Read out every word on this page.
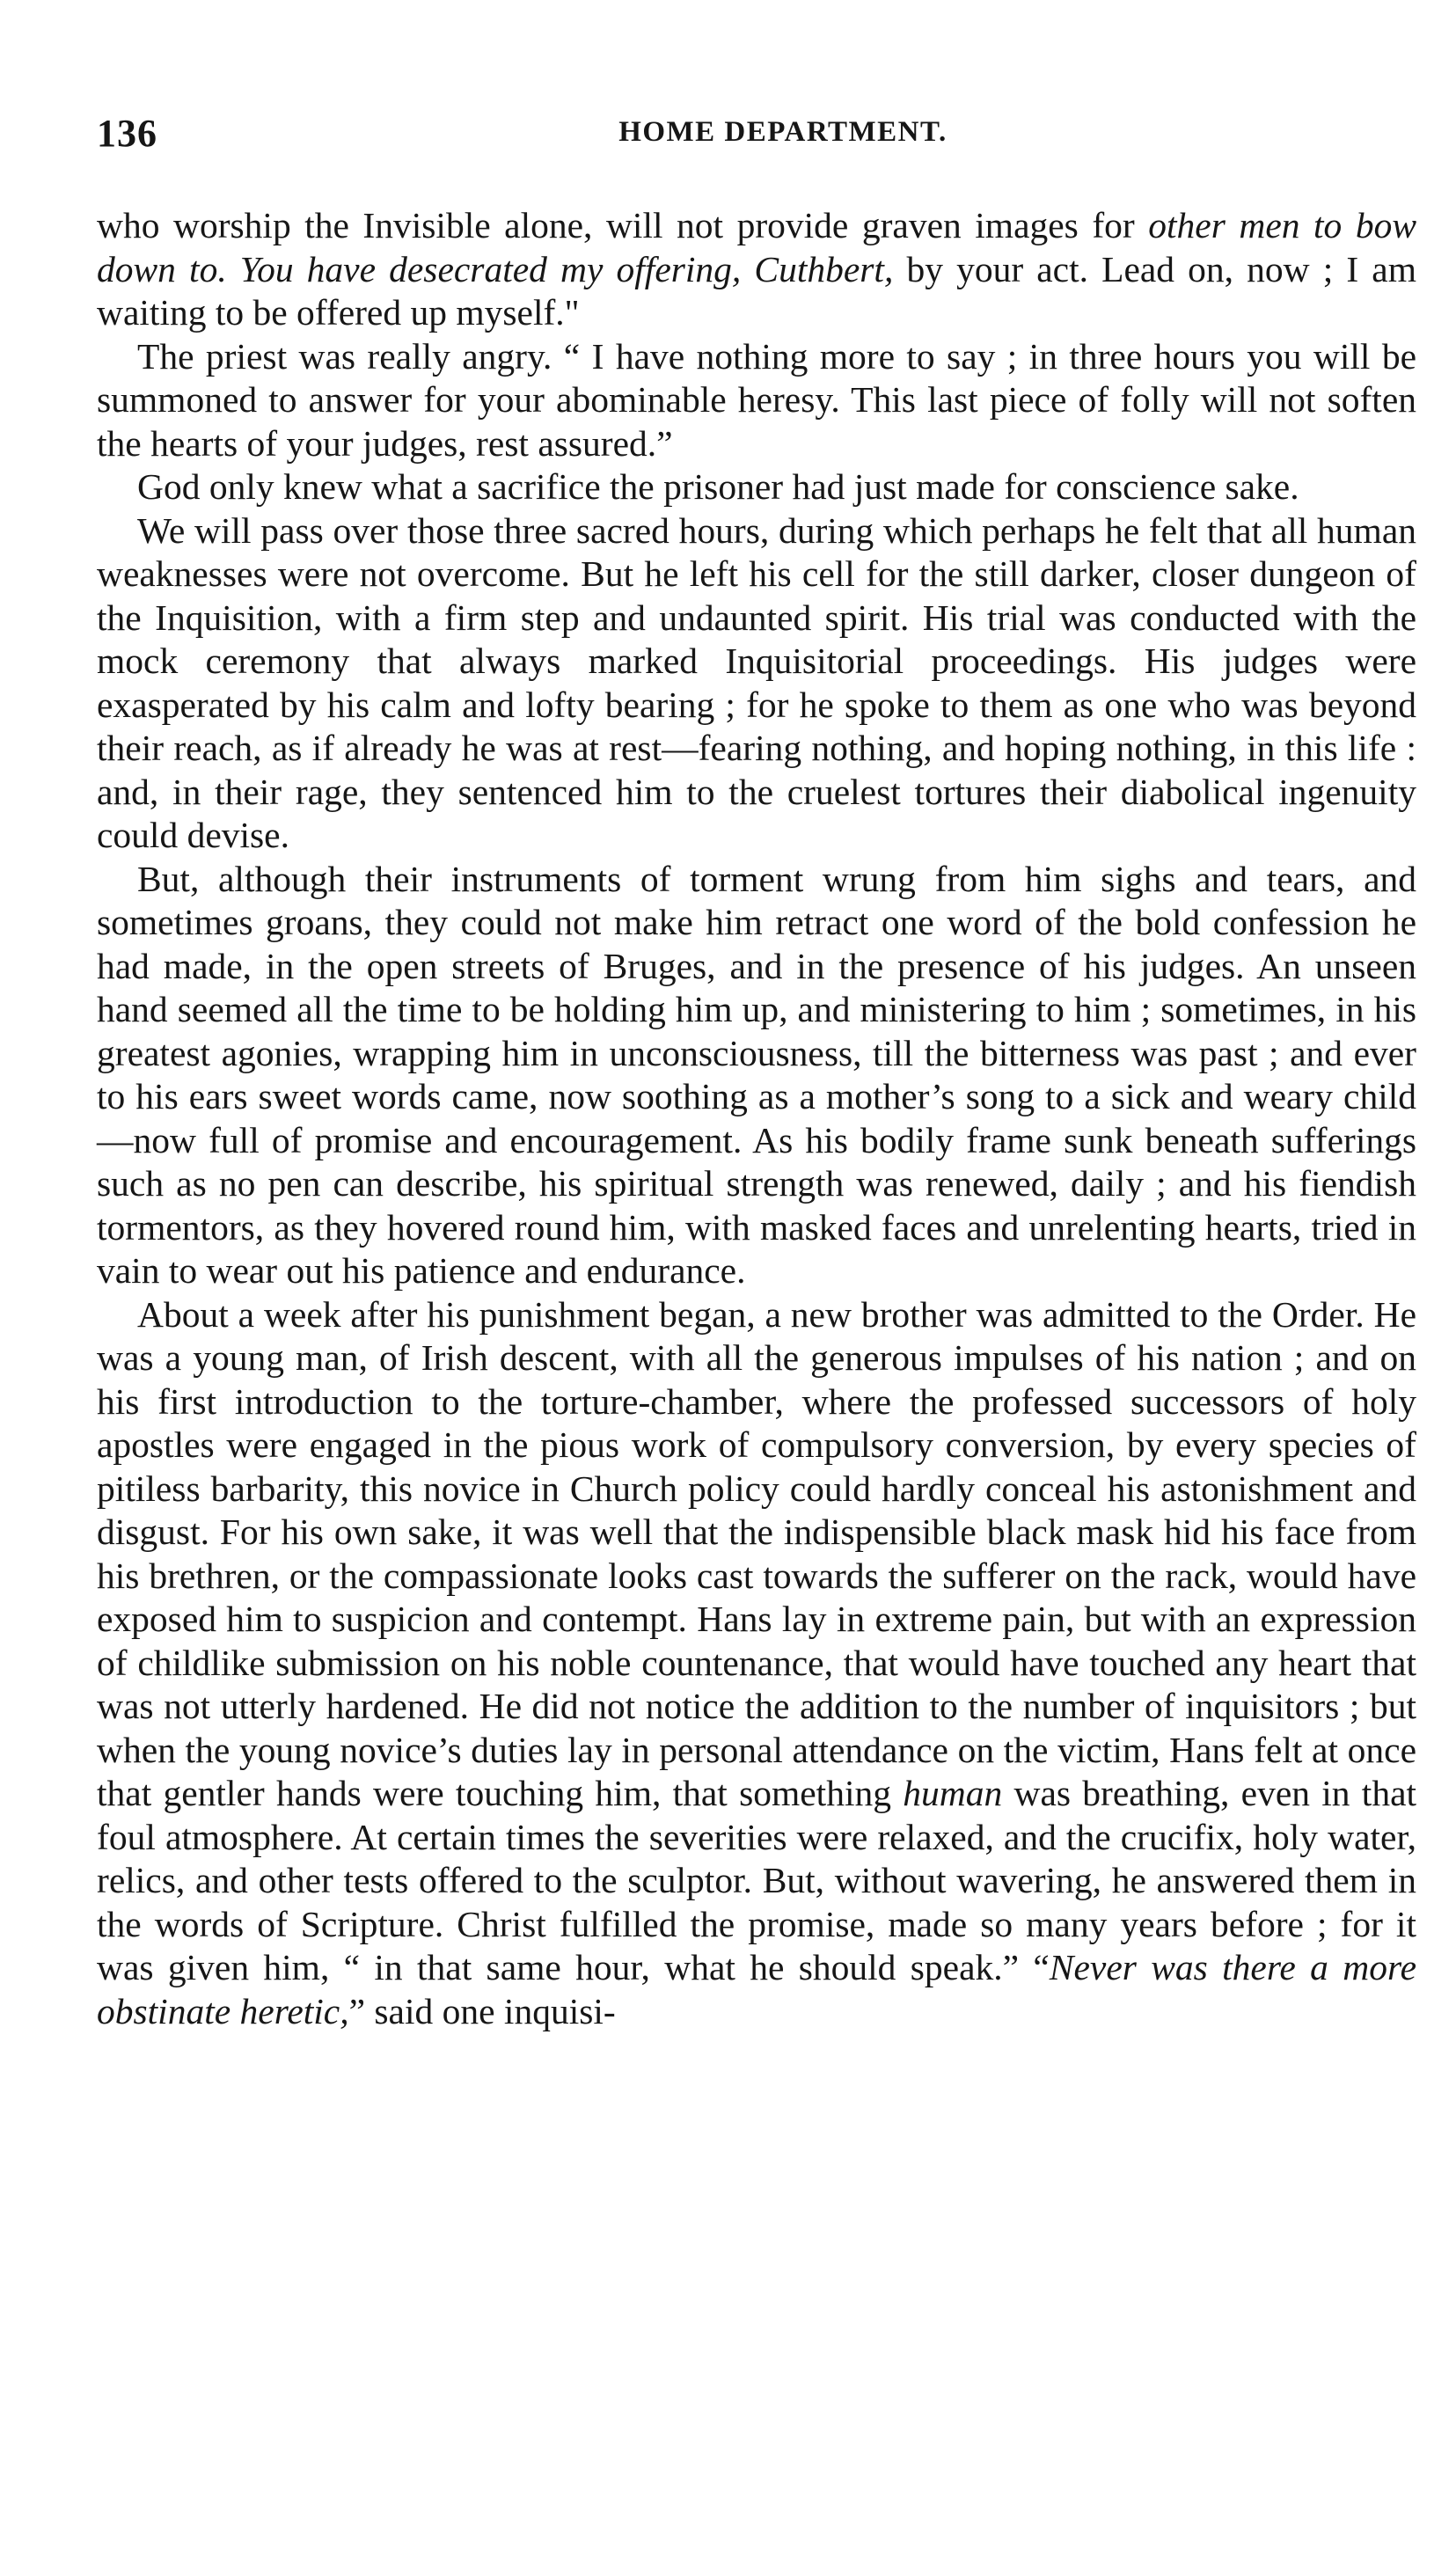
136	HOME DEPARTMENT.

who worship the Invisible alone, will not provide graven images for other men to bow down to. You have desecrated my offering, Cuthbert, by your act. Lead on, now ; I am waiting to be offered up myself."

The priest was really angry. “ I have nothing more to say ; in three hours you will be summoned to answer for your abominable heresy. This last piece of folly will not soften the hearts of your judges, rest assured.”

God only knew what a sacrifice the prisoner had just made for conscience sake.

We will pass over those three sacred hours, during which perhaps he felt that all human weaknesses were not overcome. But he left his cell for the still darker, closer dungeon of the Inquisition, with a firm step and undaunted spirit. His trial was conducted with the mock ceremony that always marked Inquisitorial proceedings. His judges were exasperated by his calm and lofty bearing ; for he spoke to them as one who was beyond their reach, as if already he was at rest—fearing nothing, and hoping nothing, in this life : and, in their rage, they sentenced him to the cruelest tortures their diabolical ingenuity could devise.

But, although their instruments of torment wrung from him sighs and tears, and sometimes groans, they could not make him retract one word of the bold confession he had made, in the open streets of Bruges, and in the presence of his judges. An unseen hand seemed all the time to be holding him up, and ministering to him ; sometimes, in his greatest agonies, wrapping him in unconsciousness, till the bitterness was past ; and ever to his ears sweet words came, now soothing as a mother’s song to a sick and weary child—now full of promise and encouragement. As his bodily frame sunk beneath sufferings such as no pen can describe, his spiritual strength was renewed, daily ; and his fiendish tormentors, as they hovered round him, with masked faces and unrelenting hearts, tried in vain to wear out his patience and endurance.

About a week after his punishment began, a new brother was admitted to the Order. He was a young man, of Irish descent, with all the generous impulses of his nation ; and on his first introduction to the torture-chamber, where the professed successors of holy apostles were engaged in the pious work of compulsory conversion, by every species of pitiless barbarity, this novice in Church policy could hardly conceal his astonishment and disgust. For his own sake, it was well that the indispensible black mask hid his face from his brethren, or the compassionate looks cast towards the sufferer on the rack, would have exposed him to suspicion and contempt. Hans lay in extreme pain, but with an expression of childlike submission on his noble countenance, that would have touched any heart that was not utterly hardened. He did not notice the addition to the number of inquisitors ; but when the young novice’s duties lay in personal attendance on the victim, Hans felt at once that gentler hands were touching him, that something human was breathing, even in that foul atmosphere. At certain times the severities were relaxed, and the crucifix, holy water, relics, and other tests offered to the sculptor. But, without wavering, he answered them in the words of Scripture. Christ fulfilled the promise, made so many years before ; for it was given him, “ in that same hour, what he should speak.” “Never was there a more obstinate heretic,” said one inquisi-
